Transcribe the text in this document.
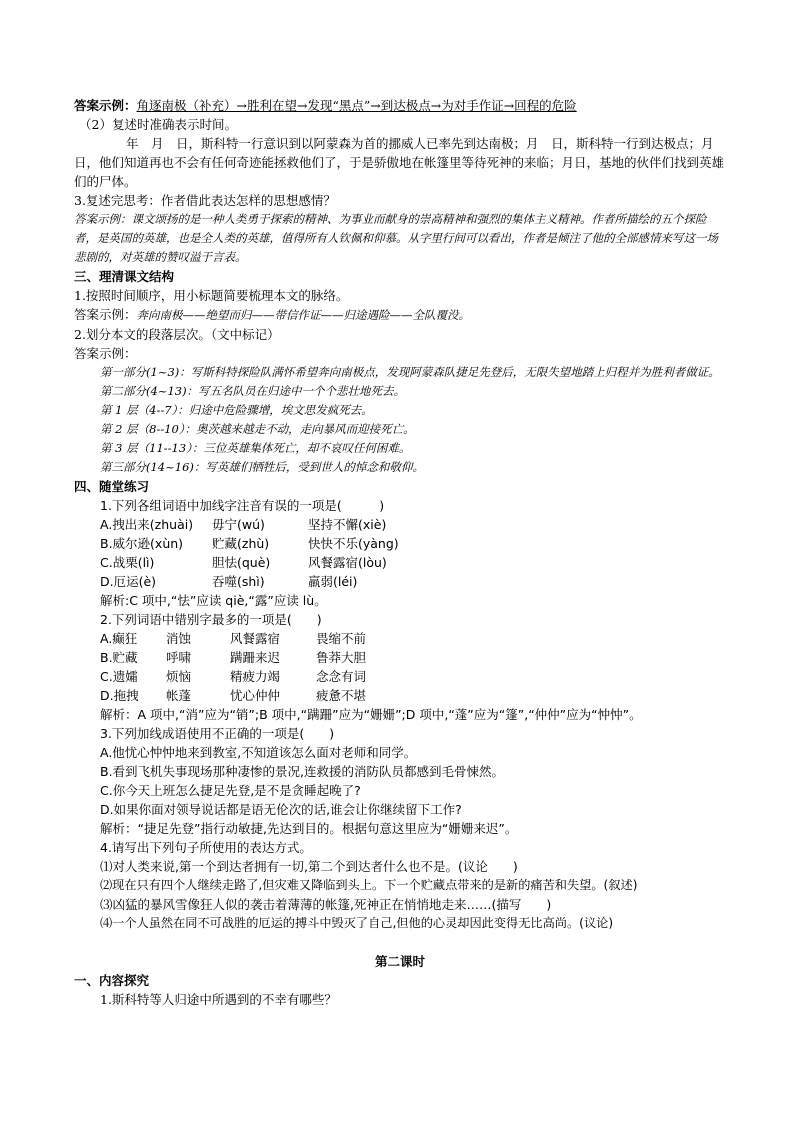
答案示例：角逐南极（补充）→胜利在望→发现“黑点”→到达极点→为对手作证→回程的危险
（2）复述时准确表示时间。
年　月　日，斯科特一行意识到以阿蒙森为首的挪威人已率先到达南极；月　日，斯科特一行到达极点；月　日，他们知道再也不会有任何奇迹能拯救他们了，于是骄傲地在帐篷里等待死神的来临；月日，基地的伙伴们找到英雄们的尸体。
3.复述完思考：作者借此表达怎样的思想感情？
答案示例：课文颂扬的是一种人类勇于探索的精神、为事业而献身的崇高精神和强烈的集体主义精神。作者所描绘的五个探险者，是英国的英雄，也是全人类的英雄，值得所有人钦佩和仰慕。从字里行间可以看出，作者是倾注了他的全部感情来写这一场悲剧的，对英雄的赞叹溢于言表。
三、理清课文结构
1.按照时间顺序，用小标题简要梳理本文的脉络。
答案示例：奔向南极——绝望而归——带信作证——归途遇险——全队覆没。
2.划分本文的段落层次。（文中标记）
答案示例：
第一部分(1~3)：写斯科特探险队满怀希望奔向南极点，发现阿蒙森队捷足先登后，无限失望地踏上归程并为胜利者做证。
第二部分(4~13)：写五名队员在归途中一个个悲壮地死去。
第 1 层（4--7）：归途中危险骤增，埃文思发疯死去。
第 2 层（8--10）：奥茨越来越走不动，走向暴风而迎接死亡。
第 3 层（11--13）：三位英雄集体死亡，却不哀叹任何困难。
第三部分(14~16)：写英雄们牺牲后，受到世人的悼念和敬仰。
四、随堂练习
1.下列各组词语中加线字注音有误的一项是(　　　)
A.拽出来(zhuài)	毋宁(wú)	坚持不懈(xiè)
B.威尔逊(xùn)	贮藏(zhù)	快快不乐(yàng)
C.战栗(lì)	胆怯(què)	风餐露宿(lòu)
D.厄运(è)	吞噬(shì)	羸弱(léi)
解析:C 项中,“怯”应读 qiè,“露”应读 lù。
2.下列词语中错别字最多的一项是(　　)
A.癫狂	消蚀	风餐露宿	畏缩不前
B.贮藏	呼啸	蹒跚来迟	鲁莽大胆
C.遗孀	烦恼	精疲力竭	念念有词
D.拖拽	帐蓬	忧心仲仲	疲惫不堪
解析：A 项中,“消”应为“销”;B 项中,“蹒跚”应为“姗姗”;D 项中,“蓬”应为“篷”,“仲仲”应为“忡忡”。
3.下列加线成语使用不正确的一项是(　　)
A.他忧心忡忡地来到教室,不知道该怎么面对老师和同学。
B.看到飞机失事现场那种凄惨的景况,连救援的消防队员都感到毛骨悚然。
C.你今天上班怎么捷足先登,是不是贪睡起晚了?
D.如果你面对领导说话都是语无伦次的话,谁会让你继续留下工作?
解析：“捷足先登”指行动敏捷,先达到目的。根据句意这里应为“姗姗来迟”。
4.请写出下列句子所使用的表达方式。
⑴对人类来说,第一个到达者拥有一切,第二个到达者什么也不是。(议论　　)
⑵现在只有四个人继续走路了,但灾难又降临到头上。下一个贮藏点带来的是新的痛苦和失望。(叙述)
⑶凶猛的暴风雪像狂人似的袭击着薄薄的帐篷,死神正在悄悄地走来……(描写　　)
⑷一个人虽然在同不可战胜的厄运的搏斗中毁灭了自己,但他的心灵却因此变得无比高尚。(议论)
第二课时
一、内容探究
1.斯科特等人归途中所遇到的不幸有哪些？
